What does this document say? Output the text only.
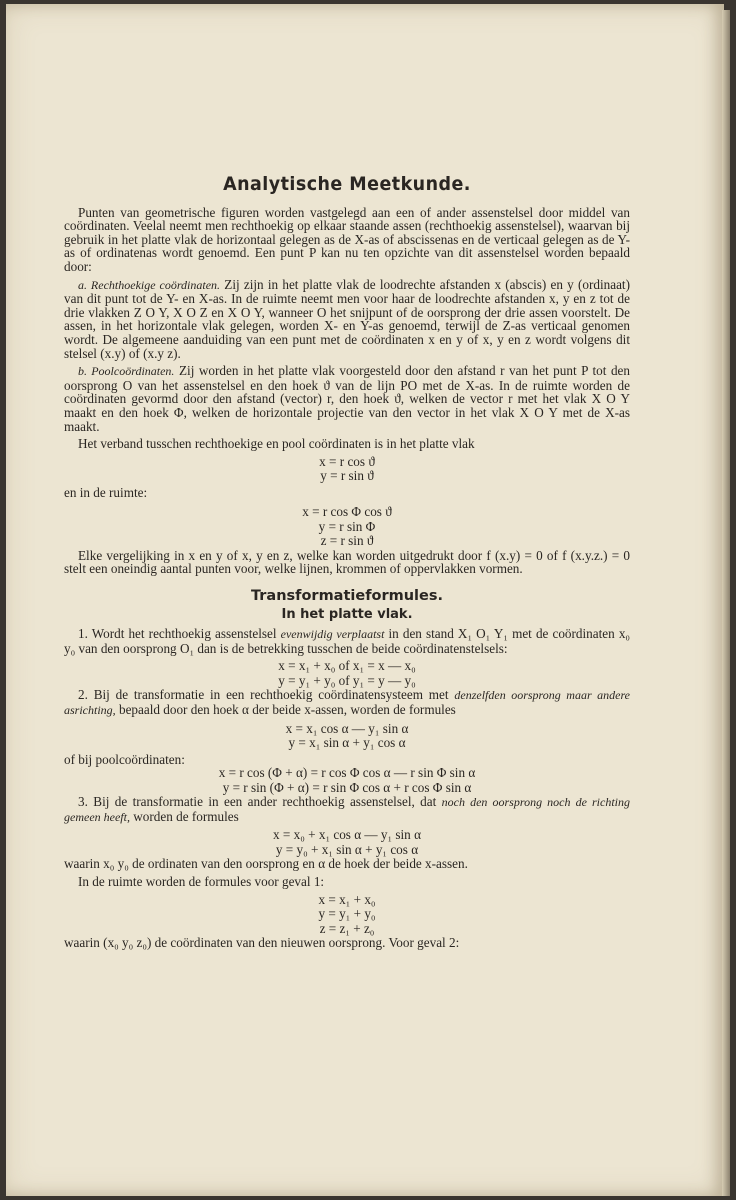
Analytische Meetkunde.

Punten van geometrische figuren worden vastgelegd aan een of ander assenstelsel door middel van coördinaten. Veelal neemt men rechthoekig op elkaar staande assen (rechthoekig assenstelsel), waarvan bij gebruik in het platte vlak de horizontaal gelegen as de X-as of abscissenas en de verticaal gelegen as de Y-as of ordinatenas wordt genoemd. Een punt P kan nu ten opzichte van dit assenstelsel worden bepaald door:

a. Rechthoekige coördinaten. Zij zijn in het platte vlak de loodrechte afstanden x (abscis) en y (ordinaat) van dit punt tot de Y- en X-as. In de ruimte neemt men voor haar de loodrechte afstanden x, y en z tot de drie vlakken Z O Y, X O Z en X O Y, wanneer O het snijpunt of de oorsprong der drie assen voorstelt. De assen, in het horizontale vlak gelegen, worden X- en Y-as genoemd, terwijl de Z-as verticaal genomen wordt. De algemeene aanduiding van een punt met de coördinaten x en y of x, y en z wordt volgens dit stelsel (x.y) of (x.y z).

b. Poolcoördinaten. Zij worden in het platte vlak voorgesteld door den afstand r van het punt P tot den oorsprong O van het assenstelsel en den hoek ϑ van de lijn PO met de X-as. In de ruimte worden de coördinaten gevormd door den afstand (vector) r, den hoek ϑ, welken de vector r met het vlak X O Y maakt en den hoek Φ, welken de horizontale projectie van den vector in het vlak X O Y met de X-as maakt.

Het verband tusschen rechthoekige en pool coördinaten is in het platte vlak

x = r cos ϑ
y = r sin ϑ
en in de ruimte:
x = r cos Φ cos ϑ
y = r sin Φ
z = r sin ϑ

Elke vergelijking in x en y of x, y en z, welke kan worden uitgedrukt door f (x.y) = 0 of f (x.y.z.) = 0 stelt een oneindig aantal punten voor, welke lijnen, krommen of oppervlakken vormen.

Transformatieformules.
In het platte vlak.

1. Wordt het rechthoekig assenstelsel evenwijdig verplaatst in den stand X₁ O₁ Y₁ met de coördinaten x₀ y₀ van den oorsprong O₁ dan is de betrekking tusschen de beide coördinatenstelsels:

x = x₁ + x₀ of x₁ = x — x₀
y = y₁ + y₀ of y₁ = y — y₀

2. Bij de transformatie in een rechthoekig coördinatensysteem met denzelfden oorsprong maar andere asrichting, bepaald door den hoek α der beide x-assen, worden de formules

x = x₁ cos α — y₁ sin α
y = x₁ sin α + y₁ cos α
of bij poolcoördinaten:
x = r cos (Φ + α) = r cos Φ cos α — r sin Φ sin α
y = r sin (Φ + α) = r sin Φ cos α + r cos Φ sin α

3. Bij de transformatie in een ander rechthoekig assenstelsel, dat noch den oorsprong noch de richting gemeen heeft, worden de formules

x = x₀ + x₁ cos α — y₁ sin α
y = y₀ + x₁ sin α + y₁ cos α

waarin x₀ y₀ de ordinaten van den oorsprong en α de hoek der beide x-assen.

In de ruimte worden de formules voor geval 1:

x = x₁ + x₀
y = y₁ + y₀
z = z₁ + z₀

waarin (x₀ y₀ z₀) de coördinaten van den nieuwen oorsprong. Voor geval 2:
